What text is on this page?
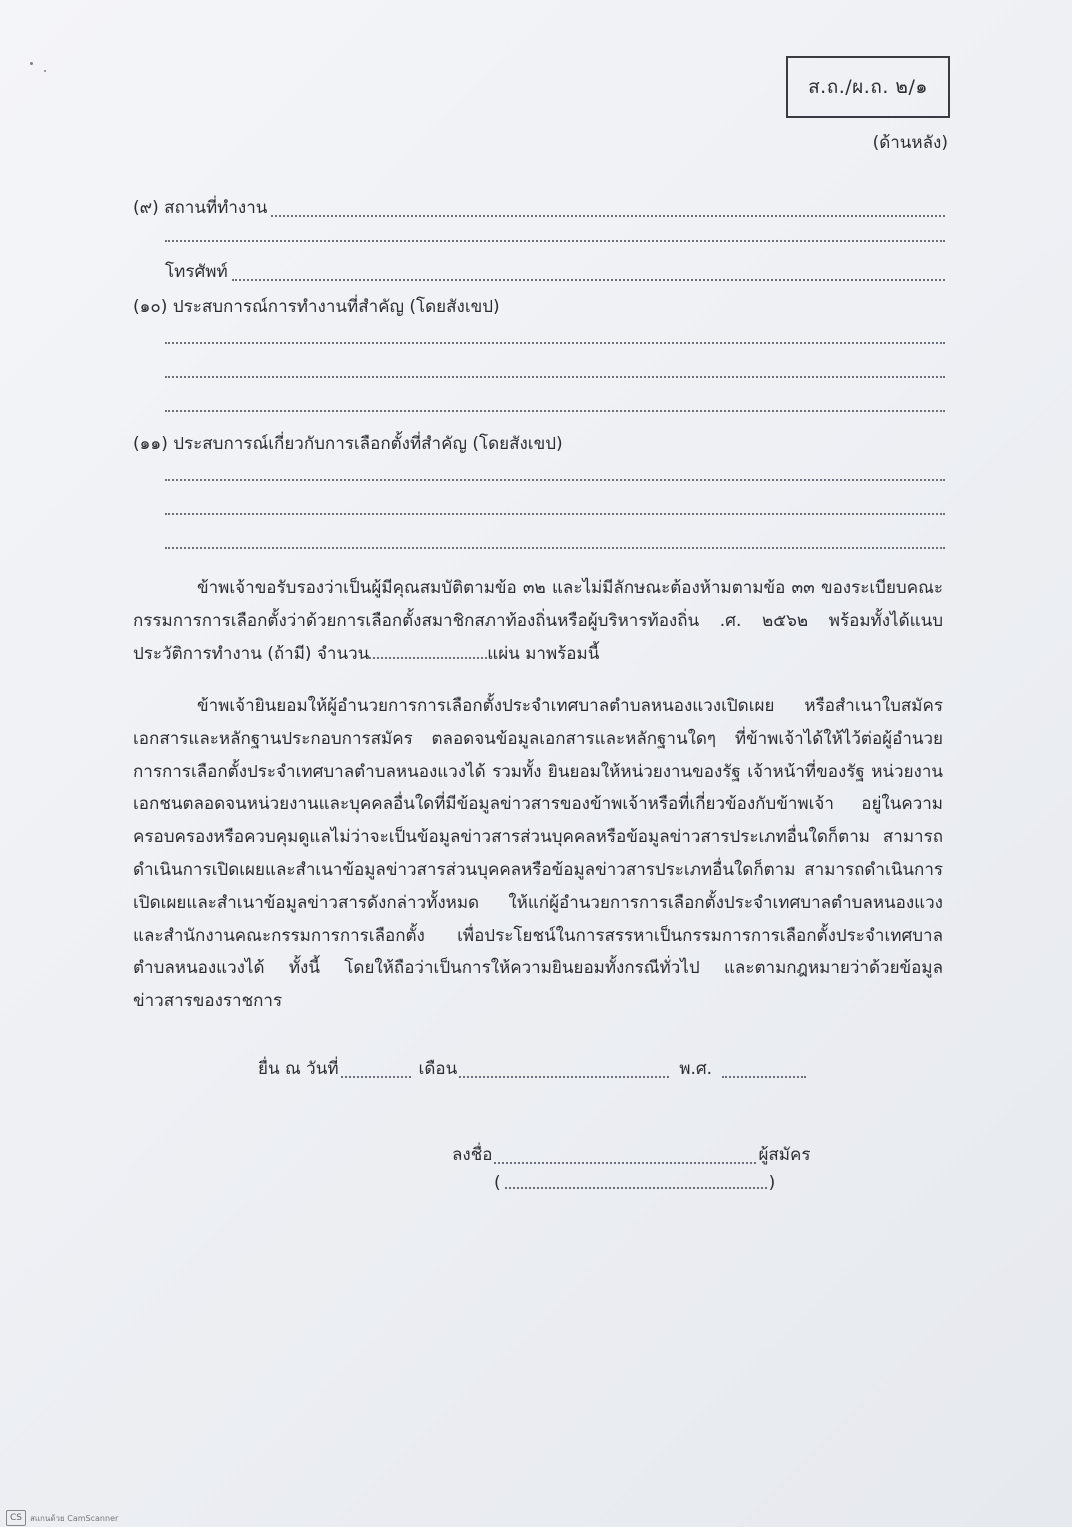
ส.ถ./ผ.ถ. ๒/๑
(ด้านหลัง)
(๙) สถานที่ทำงาน
โทรศัพท์
(๑๐) ประสบการณ์การทำงานที่สำคัญ (โดยสังเขป)
(๑๑) ประสบการณ์เกี่ยวกับการเลือกตั้งที่สำคัญ (โดยสังเขป)
ข้าพเจ้าขอรับรองว่าเป็นผู้มีคุณสมบัติตามข้อ ๓๒ และไม่มีลักษณะต้องห้ามตามข้อ ๓๓ ของระเบียบคณะกรรมการการเลือกตั้งว่าด้วยการเลือกตั้งสมาชิกสภาท้องถิ่นหรือผู้บริหารท้องถิ่น .ศ. ๒๕๖๒ พร้อมทั้งได้แนบประวัติการทำงาน (ถ้ามี) จำนวน	แผ่น มาพร้อมนี้
ข้าพเจ้ายินยอมให้ผู้อำนวยการการเลือกตั้งประจำเทศบาลตำบลหนองแวงเปิดเผย หรือสำเนาใบสมัครเอกสารและหลักฐานประกอบการสมัคร ตลอดจนข้อมูลเอกสารและหลักฐานใดๆ ที่ข้าพเจ้าได้ให้ไว้ต่อผู้อำนวยการการเลือกตั้งประจำเทศบาลตำบลหนองแวงได้ รวมทั้ง ยินยอมให้หน่วยงานของรัฐ เจ้าหน้าที่ของรัฐ หน่วยงานเอกชนตลอดจนหน่วยงานและบุคคลอื่นใดที่มีข้อมูลข่าวสารของข้าพเจ้าหรือที่เกี่ยวข้องกับข้าพเจ้า อยู่ในความครอบครองหรือควบคุมดูแลไม่ว่าจะเป็นข้อมูลข่าวสารส่วนบุคคลหรือข้อมูลข่าวสารประเภทอื่นใดก็ตาม สามารถดำเนินการเปิดเผยและสำเนาข้อมูลข่าวสารส่วนบุคคลหรือข้อมูลข่าวสารประเภทอื่นใดก็ตาม สามารถดำเนินการเปิดเผยและสำเนาข้อมูลข่าวสารดังกล่าวทั้งหมด ให้แก่ผู้อำนวยการการเลือกตั้งประจำเทศบาลตำบลหนองแวงและสำนักงานคณะกรรมการการเลือกตั้ง เพื่อประโยชน์ในการสรรหาเป็นกรรมการการเลือกตั้งประจำเทศบาลตำบลหนองแวงได้ ทั้งนี้ โดยให้ถือว่าเป็นการให้ความยินยอมทั้งกรณีทั่วไป และตามกฎหมายว่าด้วยข้อมูลข่าวสารของราชการ
ยื่น ณ วันที่	เดือน	พ.ศ.
ลงชื่อ	ผู้สมัคร
(	)
CS	สแกนด้วย CamScanner
